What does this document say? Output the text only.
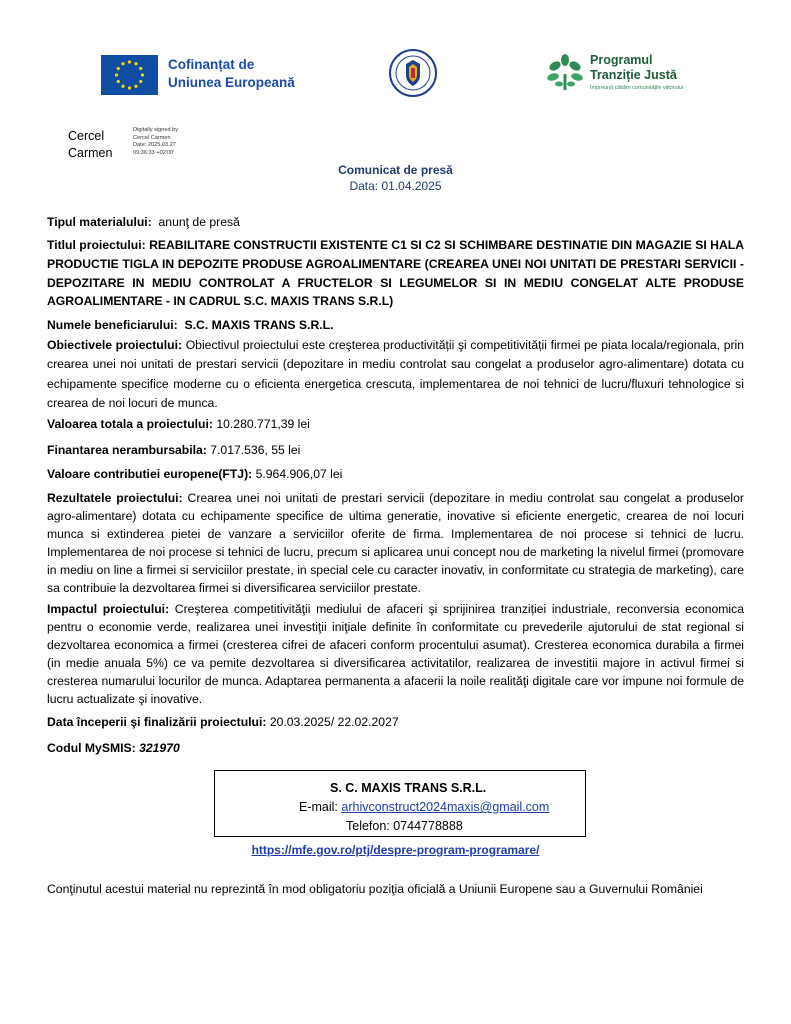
Cofinanțat de
Uniunea Europeană
Programul
Tranziție Justă
Împreună clădim comunităţile viitorului
Cercel
Carmen
Digitally signed by
Cercel Carmen
Date: 2025.03.27
09:36:33 +02'00'
Comunicat de presă
Data: 01.04.2025
Tipul materialului: anunţ de presă
Titlul proiectului: REABILITARE CONSTRUCTII EXISTENTE C1 SI C2 SI SCHIMBARE DESTINATIE DIN MAGAZIE SI HALA PRODUCTIE TIGLA IN DEPOZITE PRODUSE AGROALIMENTARE (CREAREA UNEI NOI UNITATI DE PRESTARI SERVICII - DEPOZITARE IN MEDIU CONTROLAT A FRUCTELOR SI LEGUMELOR SI IN MEDIU CONGELAT ALTE PRODUSE AGROALIMENTARE - IN CADRUL S.C. MAXIS TRANS S.R.L)
Numele beneficiarului: S.C. MAXIS TRANS S.R.L.
Obiectivele proiectului: Obiectivul proiectului este creşterea productivității şi competitivității firmei pe piata locala/regionala, prin crearea unei noi unitati de prestari servicii (depozitare in mediu controlat sau congelat a produselor agro-alimentare) dotata cu echipamente specifice moderne cu o eficienta energetica crescuta, implementarea de noi tehnici de lucru/fluxuri tehnologice si crearea de noi locuri de munca.
Valoarea totala a proiectului: 10.280.771,39 lei
Finantarea nerambursabila: 7.017.536, 55 lei
Valoare contributiei europene(FTJ): 5.964.906,07 lei
Rezultatele proiectului: Crearea unei noi unitati de prestari servicii (depozitare in mediu controlat sau congelat a produselor agro-alimentare) dotata cu echipamente specifice de ultima generatie, inovative si eficiente energetic, crearea de noi locuri munca si extinderea pietei de vanzare a serviciilor oferite de firma. Implementarea de noi procese si tehnici de lucru. Implementarea de noi procese si tehnici de lucru, precum si aplicarea unui concept nou de marketing la nivelul firmei (promovare in mediu on line a firmei si serviciilor prestate, in special cele cu caracter inovativ, in conformitate cu strategia de marketing), care sa contribuie la dezvoltarea firmei si diversificarea serviciilor prestate.
Impactul proiectului: Creşterea competitivităţii mediului de afaceri şi sprijinirea tranziției industriale, reconversia economica pentru o economie verde, realizarea unei investiţii iniţiale definite în conformitate cu prevederile ajutorului de stat regional si dezvoltarea economica a firmei (cresterea cifrei de afaceri conform procentului asumat). Cresterea economica durabila a firmei (in medie anuala 5%) ce va pemite dezvoltarea si diversificarea activitatilor, realizarea de investitii majore in activul firmei si cresterea numarului locurilor de munca. Adaptarea permanenta a afacerii la noile realităţi digitale care vor impune noi formule de lucru actualizate şi inovative.
Data începerii şi finalizării proiectului: 20.03.2025/ 22.02.2027
Codul MySMIS: 321970
S. C. MAXIS TRANS S.R.L.
E-mail: arhivconstruct2024maxis@gmail.com
Telefon: 0744778888
https://mfe.gov.ro/ptj/despre-program-programare/
Conţinutul acestui material nu reprezintă în mod obligatoriu poziţia oficială a Uniunii Europene sau a Guvernului României
